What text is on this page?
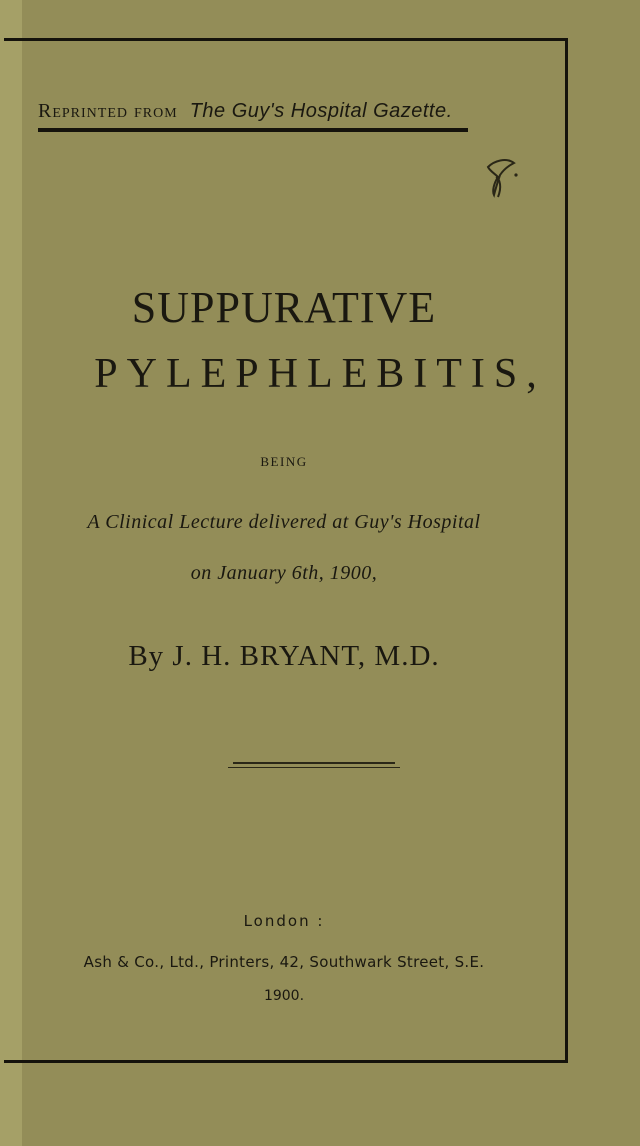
Reprinted from The Guy's Hospital Gazette.
SUPPURATIVE
PYLEPHLEBITIS,
BEING
A Clinical Lecture delivered at Guy's Hospital
on January 6th, 1900,
By J. H. BRYANT, M.D.
London :
Ash & Co., Ltd., Printers, 42, Southwark Street, S.E.
1900.
